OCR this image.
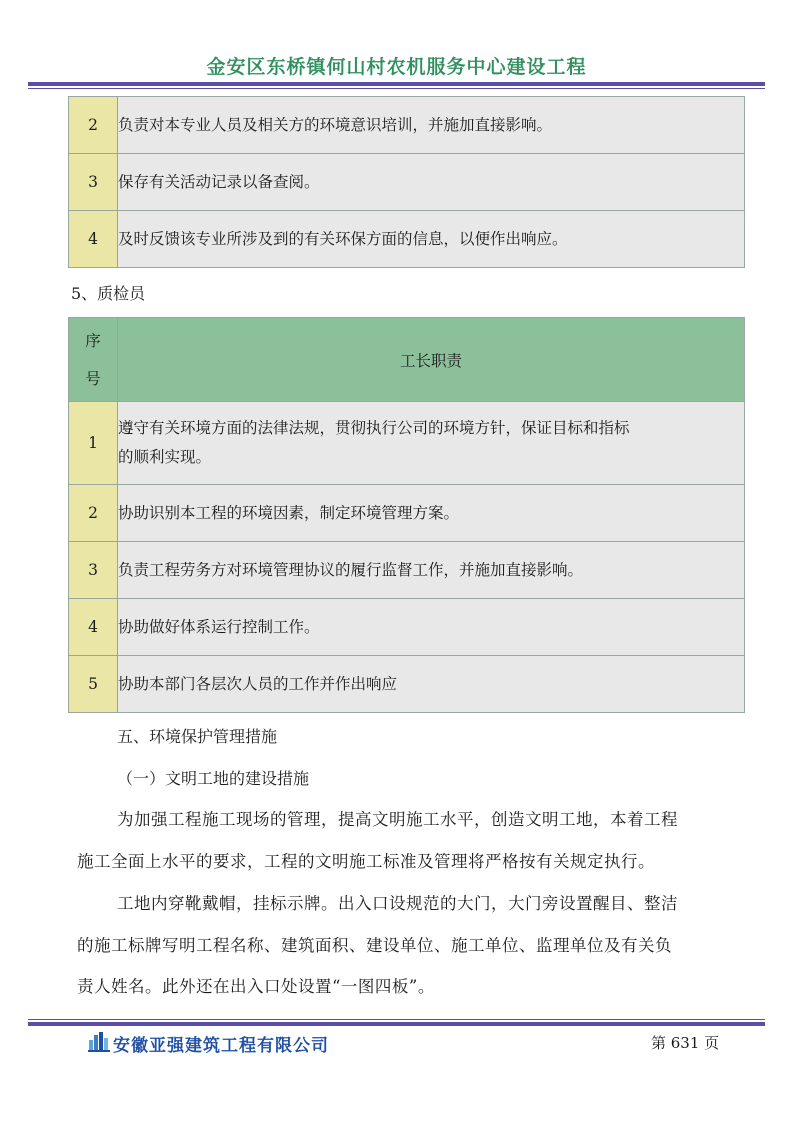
金安区东桥镇何山村农机服务中心建设工程
2	负责对本专业人员及相关方的环境意识培训，并施加直接影响。
3	保存有关活动记录以备查阅。
4	及时反馈该专业所涉及到的有关环保方面的信息，以便作出响应。
5、质检员
序
号	工长职责
1	遵守有关环境方面的法律法规，贯彻执行公司的环境方针，保证目标和指标
的顺利实现。

2	协助识别本工程的环境因素，制定环境管理方案。
3	负责工程劳务方对环境管理协议的履行监督工作，并施加直接影响。
4	协助做好体系运行控制工作。
5	协助本部门各层次人员的工作并作出响应
五、环境保护管理措施
（一）文明工地的建设措施
为加强工程施工现场的管理，提高文明施工水平，创造文明工地，本着工程
施工全面上水平的要求，工程的文明施工标准及管理将严格按有关规定执行。
工地内穿靴戴帽，挂标示牌。出入口设规范的大门，大门旁设置醒目、整洁
的施工标牌写明工程名称、建筑面积、建设单位、施工单位、监理单位及有关负
责人姓名。此外还在出入口处设置“一图四板”。
安徽亚强建筑工程有限公司	第 631 页
